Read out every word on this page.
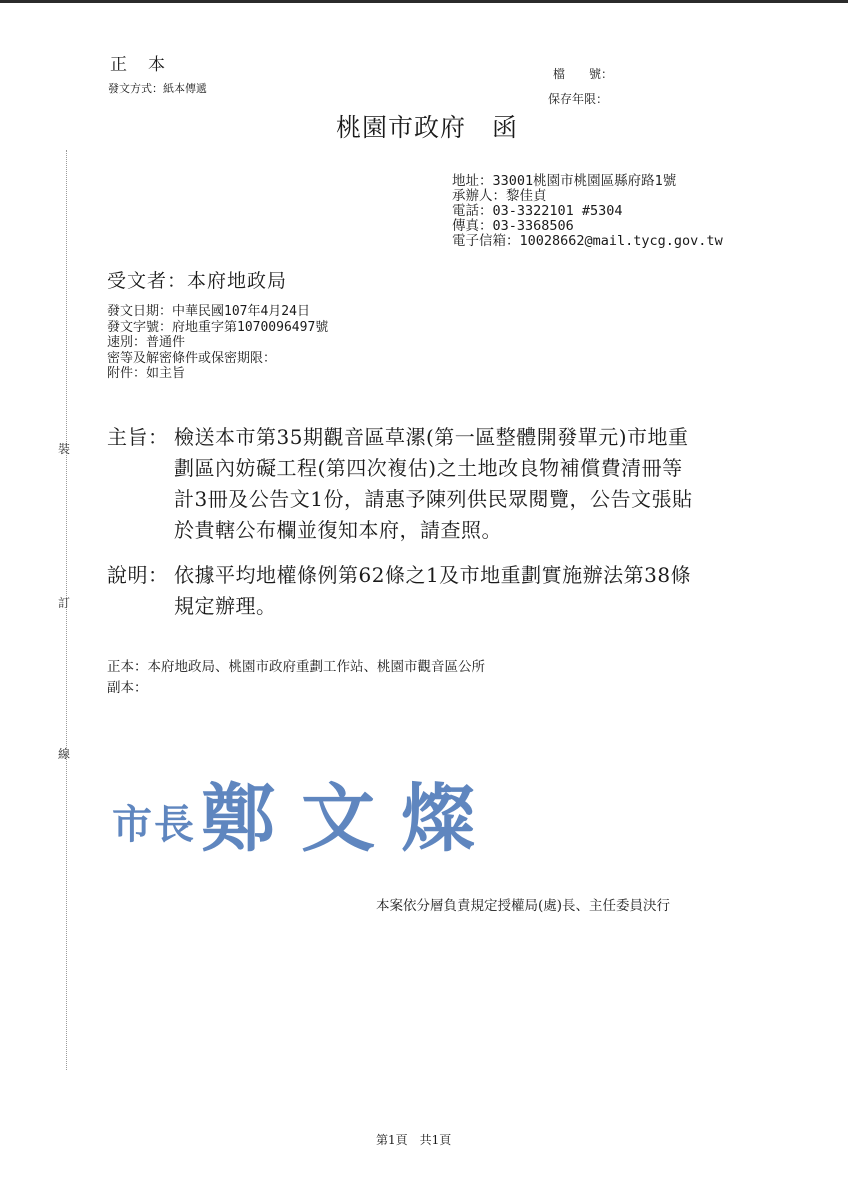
正　本
發文方式：紙本傳遞
檔　　號：
保存年限：
桃園市政府　函
地址：33001桃園市桃園區縣府路1號
承辦人：黎佳貞
電話：03-3322101 #5304
傳真：03-3368506
電子信箱：10028662@mail.tycg.gov.tw
受文者：本府地政局
發文日期：中華民國107年4月24日
發文字號：府地重字第1070096497號
速別：普通件
密等及解密條件或保密期限：
附件：如主旨
裝
訂
線
主旨： 檢送本市第35期觀音區草漯(第一區整體開發單元)市地重
劃區內妨礙工程(第四次複估)之土地改良物補償費清冊等
計3冊及公告文1份，請惠予陳列供民眾閱覽，公告文張貼
於貴轄公布欄並復知本府，請查照。
說明： 依據平均地權條例第62條之1及市地重劃實施辦法第38條
規定辦理。
正本：本府地政局、桃園市政府重劃工作站、桃園市觀音區公所
副本：
市長 鄭文燦
本案依分層負責規定授權局(處)長、主任委員決行
第1頁　共1頁
